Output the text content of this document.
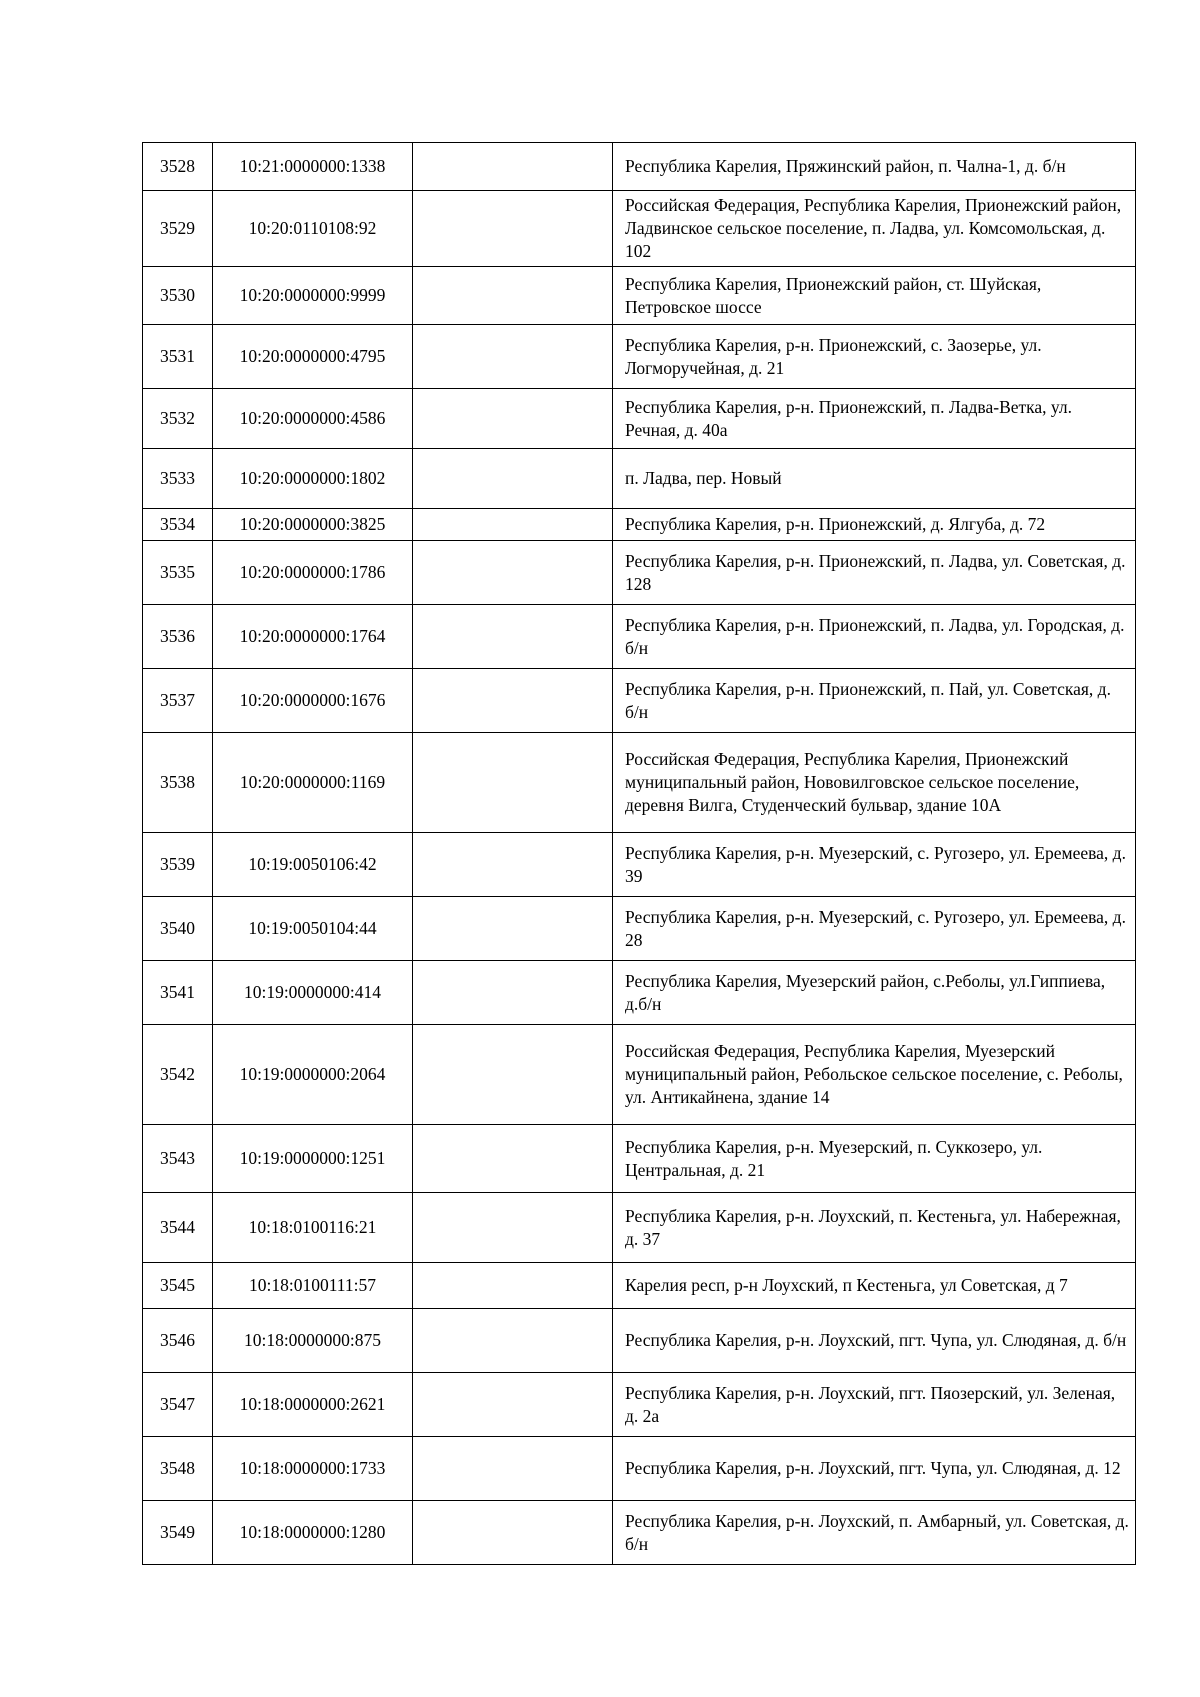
3528	10:21:0000000:1338		Республика Карелия, Пряжинский район, п. Чална-1, д. б/н
3529	10:20:0110108:92		Российская Федерация, Республика Карелия, Прионежский район, Ладвинское сельское поселение, п. Ладва, ул. Комсомольская, д. 102
3530	10:20:0000000:9999		Республика Карелия, Прионежский район, ст. Шуйская, Петровское шоссе
3531	10:20:0000000:4795		Республика Карелия, р-н. Прионежский, с. Заозерье, ул. Логморучейная, д. 21
3532	10:20:0000000:4586		Республика Карелия, р-н. Прионежский, п. Ладва-Ветка, ул. Речная, д. 40а
3533	10:20:0000000:1802		п. Ладва, пер. Новый
3534	10:20:0000000:3825		Республика Карелия, р-н. Прионежский, д. Ялгуба, д. 72
3535	10:20:0000000:1786		Республика Карелия, р-н. Прионежский, п. Ладва, ул. Советская, д. 128
3536	10:20:0000000:1764		Республика Карелия, р-н. Прионежский, п. Ладва, ул. Городская, д. б/н
3537	10:20:0000000:1676		Республика Карелия, р-н. Прионежский, п. Пай, ул. Советская, д. б/н
3538	10:20:0000000:1169		Российская Федерация, Республика Карелия, Прионежский муниципальный район, Нововилговское сельское поселение, деревня Вилга, Студенческий бульвар, здание 10А
3539	10:19:0050106:42		Республика Карелия, р-н. Муезерский, с. Ругозеро, ул. Еремеева, д. 39
3540	10:19:0050104:44		Республика Карелия, р-н. Муезерский, с. Ругозеро, ул. Еремеева, д. 28
3541	10:19:0000000:414		Республика Карелия, Муезерский район, с.Реболы, ул.Гиппиева, д.б/н
3542	10:19:0000000:2064		Российская Федерация, Республика Карелия, Муезерский муниципальный район, Ребольское сельское поселение, с. Реболы, ул. Антикайнена, здание 14
3543	10:19:0000000:1251		Республика Карелия, р-н. Муезерский, п. Суккозеро, ул. Центральная, д. 21
3544	10:18:0100116:21		Республика Карелия, р-н. Лоухский, п. Кестеньга, ул. Набережная, д. 37
3545	10:18:0100111:57		Карелия респ, р-н Лоухский, п Кестеньга, ул Советская, д 7
3546	10:18:0000000:875		Республика Карелия, р-н. Лоухский, пгт. Чупа, ул. Слюдяная, д. б/н
3547	10:18:0000000:2621		Республика Карелия, р-н. Лоухский, пгт. Пяозерский, ул. Зеленая, д. 2а
3548	10:18:0000000:1733		Республика Карелия, р-н. Лоухский, пгт. Чупа, ул. Слюдяная, д. 12
3549	10:18:0000000:1280		Республика Карелия, р-н. Лоухский, п. Амбарный, ул. Советская, д. б/н
